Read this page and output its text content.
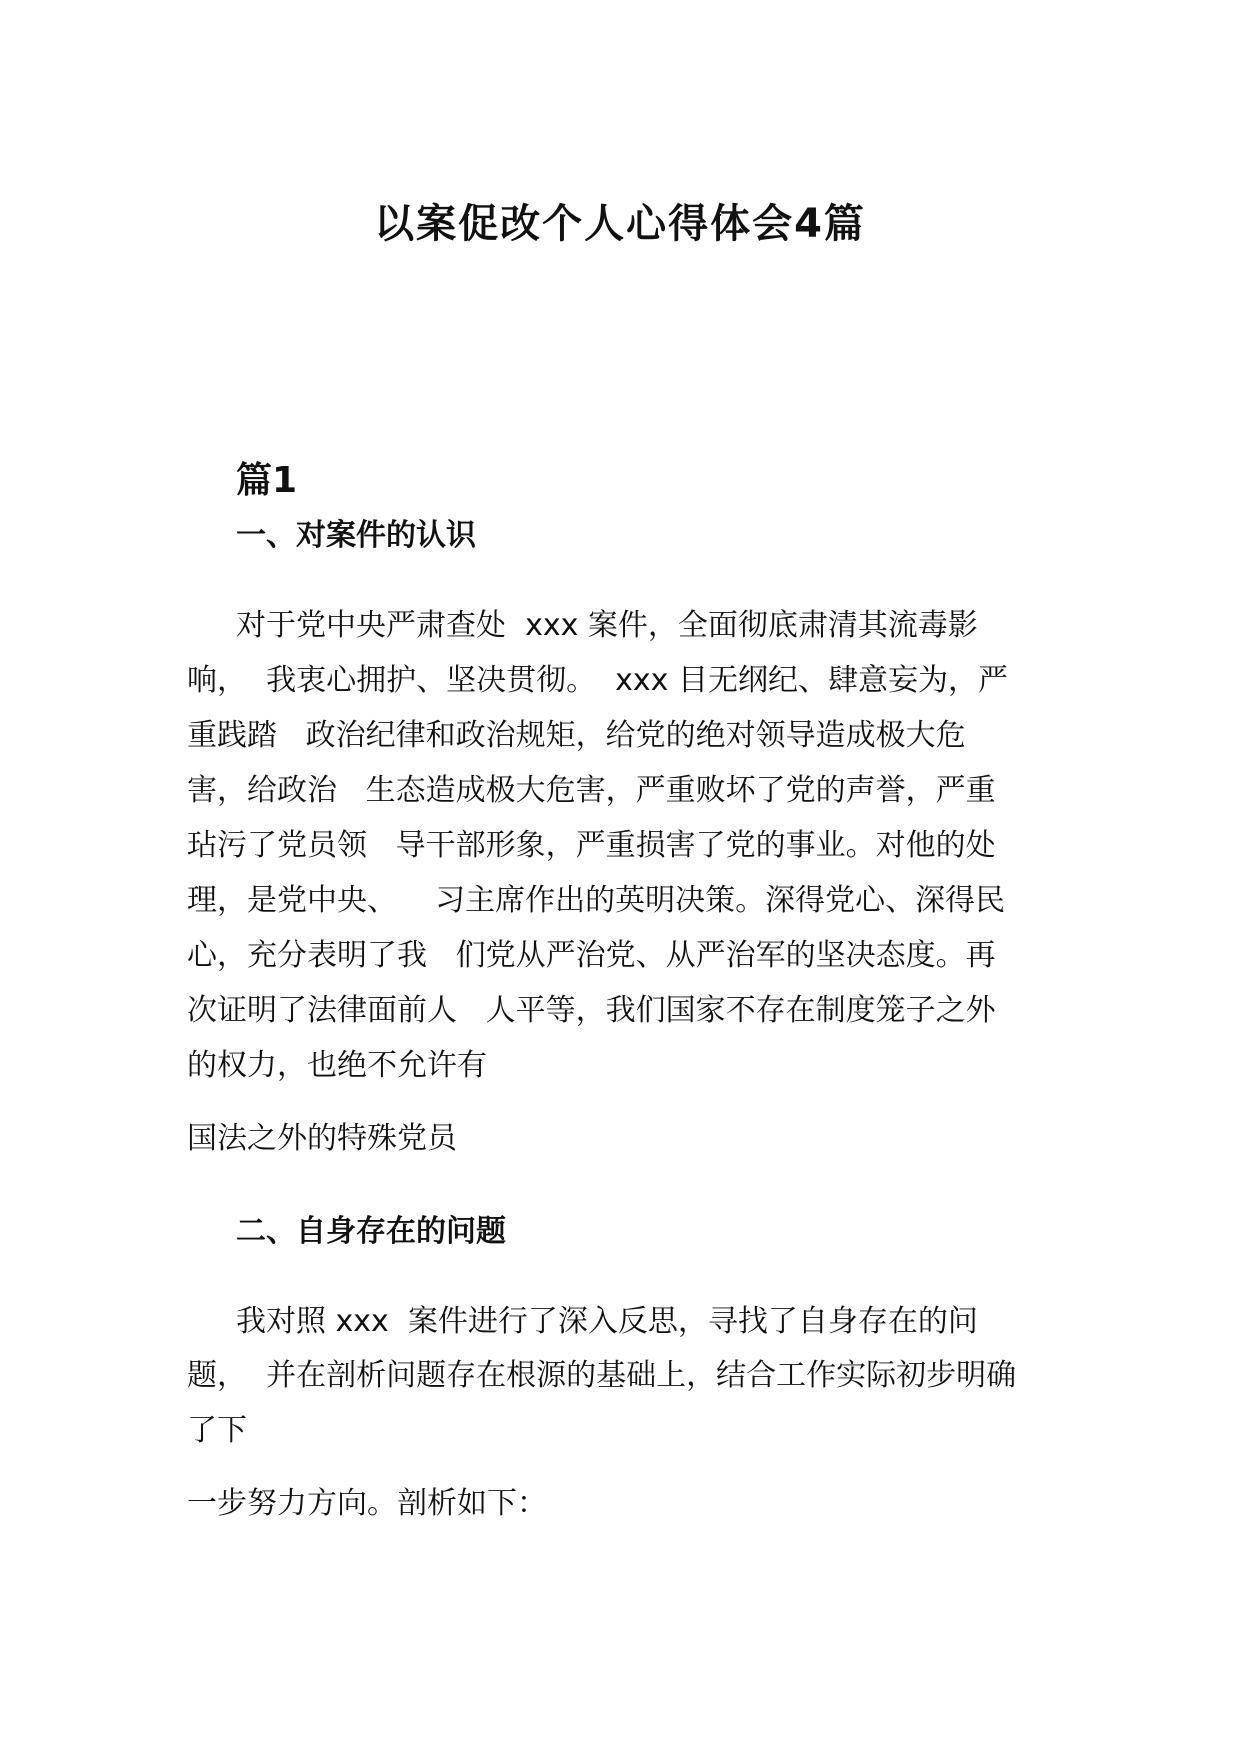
以案促改个人心得体会4篇
篇1
一、对案件的认识
对于党中央严肃查处  xxx 案件，全面彻底肃清其流毒影
响，  我衷心拥护、坚决贯彻。  xxx 目无纲纪、肆意妄为，严
重践踏   政治纪律和政治规矩，给党的绝对领导造成极大危
害，给政治   生态造成极大危害，严重败坏了党的声誉，严重
玷污了党员领   导干部形象，严重损害了党的事业。对他的处
理，是党中央、    习主席作出的英明决策。深得党心、深得民
心，充分表明了我   们党从严治党、从严治军的坚决态度。再
次证明了法律面前人   人平等，我们国家不存在制度笼子之外
的权力，也绝不允许有
国法之外的特殊党员
二、自身存在的问题
我对照 xxx  案件进行了深入反思，寻找了自身存在的问
题，  并在剖析问题存在根源的基础上，结合工作实际初步明确
了下
一步努力方向。剖析如下：
